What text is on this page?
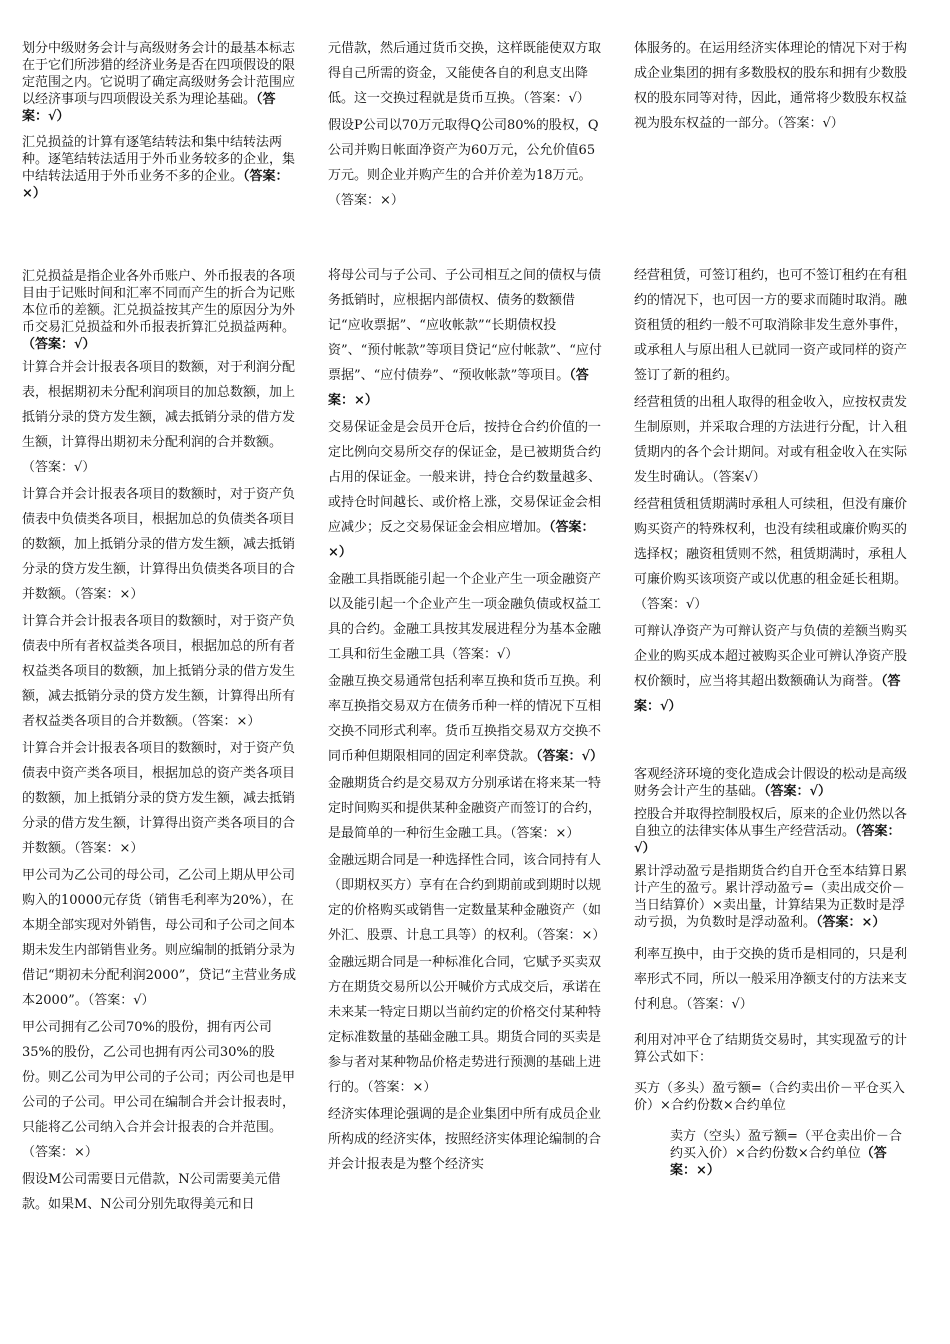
划分中级财务会计与高级财务会计的最基本标志在于它们所涉猎的经济业务是否在四项假设的限定范围之内。它说明了确定高级财务会计范围应以经济事项与四项假设关系为理论基础。（答案：√）

汇兑损益的计算有逐笔结转法和集中结转法两种。逐笔结转法适用于外币业务较多的企业，集中结转法适用于外币业务不多的企业。（答案：×）

元借款，然后通过货币交换，这样既能使双方取得自己所需的资金，又能使各自的利息支出降低。这一交换过程就是货币互换。（答案：√）

假设P公司以70万元取得Q公司80%的股权，Q公司并购日帐面净资产为60万元，公允价值65万元。则企业并购产生的合并价差为18万元。（答案：×）

体服务的。在运用经济实体理论的情况下对于构成企业集团的拥有多数股权的股东和拥有少数股权的股东同等对待，因此，通常将少数股东权益视为股东权益的一部分。（答案：√）

汇兑损益是指企业各外币账户、外币报表的各项目由于记账时间和汇率不同而产生的折合为记账本位币的差额。汇兑损益按其产生的原因分为外币交易汇兑损益和外币报表折算汇兑损益两种。（答案：√）

计算合并会计报表各项目的数额，对于利润分配表，根据期初未分配利润项目的加总数额，加上抵销分录的贷方发生额，减去抵销分录的借方发生额，计算得出期初未分配利润的合并数额。（答案：√）

计算合并会计报表各项目的数额时，对于资产负债表中负债类各项目，根据加总的负债类各项目的数额，加上抵销分录的借方发生额，减去抵销分录的贷方发生额，计算得出负债类各项目的合并数额。（答案：×）

计算合并会计报表各项目的数额时，对于资产负债表中所有者权益类各项目，根据加总的所有者权益类各项目的数额，加上抵销分录的借方发生额，减去抵销分录的贷方发生额，计算得出所有者权益类各项目的合并数额。（答案：×）

计算合并会计报表各项目的数额时，对于资产负债表中资产类各项目，根据加总的资产类各项目的数额，加上抵销分录的贷方发生额，减去抵销分录的借方发生额，计算得出资产类各项目的合并数额。（答案：×）

甲公司为乙公司的母公司，乙公司上期从甲公司购入的10000元存货（销售毛利率为20%），在本期全部实现对外销售，母公司和子公司之间本期未发生内部销售业务。则应编制的抵销分录为借记“期初未分配利润2000”，贷记“主营业务成本2000”。（答案：√）

甲公司拥有乙公司70%的股份，拥有丙公司35%的股份，乙公司也拥有丙公司30%的股份。则乙公司为甲公司的子公司；丙公司也是甲公司的子公司。甲公司在编制合并会计报表时，只能将乙公司纳入合并会计报表的合并范围。（答案：×）

假设M公司需要日元借款，N公司需要美元借款。如果M、N公司分别先取得美元和日

将母公司与子公司、子公司相互之间的债权与债务抵销时，应根据内部债权、债务的数额借记“应收票据”、“应收帐款”“长期债权投资”、“预付帐款”等项目贷记“应付帐款”、“应付票据”、“应付债券”、“预收帐款”等项目。（答案：×）

交易保证金是会员开仓后，按持仓合约价值的一定比例向交易所交存的保证金，是已被期货合约占用的保证金。一般来讲，持仓合约数量越多、或持仓时间越长、或价格上涨，交易保证金会相应减少；反之交易保证金会相应增加。（答案：×）

金融工具指既能引起一个企业产生一项金融资产以及能引起一个企业产生一项金融负债或权益工具的合约。金融工具按其发展进程分为基本金融工具和衍生金融工具（答案：√）

金融互换交易通常包括利率互换和货币互换。利率互换指交易双方在债务币种一样的情况下互相交换不同形式利率。货币互换指交易双方交换不同币种但期限相同的固定利率贷款。（答案：√）

金融期货合约是交易双方分别承诺在将来某一特定时间购买和提供某种金融资产而签订的合约，是最简单的一种衍生金融工具。（答案：×）

金融远期合同是一种选择性合同，该合同持有人（即期权买方）享有在合约到期前或到期时以规定的价格购买或销售一定数量某种金融资产（如外汇、股票、计息工具等）的权利。（答案：×）

金融远期合同是一种标准化合同，它赋予买卖双方在期货交易所以公开喊价方式成交后，承诺在未来某一特定日期以当前约定的价格交付某种特定标准数量的基础金融工具。期货合同的买卖是参与者对某种物品价格走势进行预测的基础上进行的。（答案：×）

经济实体理论强调的是企业集团中所有成员企业所构成的经济实体，按照经济实体理论编制的合并会计报表是为整个经济实

经营租赁，可签订租约，也可不签订租约在有租约的情况下，也可因一方的要求而随时取消。融资租赁的租约一般不可取消除非发生意外事件，或承租人与原出租人已就同一资产或同样的资产签订了新的租约。

经营租赁的出租人取得的租金收入，应按权责发生制原则，并采取合理的方法进行分配，计入租赁期内的各个会计期间。对或有租金收入在实际发生时确认。（答案√）

经营租赁租赁期满时承租人可续租，但没有廉价购买资产的特殊权利，也没有续租或廉价购买的选择权；融资租赁则不然，租赁期满时，承租人可廉价购买该项资产或以优惠的租金延长租期。（答案：√）

可辩认净资产为可辩认资产与负债的差额当购买企业的购买成本超过被购买企业可辨认净资产股权价额时，应当将其超出数额确认为商誉。（答案：√）

客观经济环境的变化造成会计假设的松动是高级财务会计产生的基础。（答案：√）

控股合并取得控制股权后，原来的企业仍然以各自独立的法律实体从事生产经营活动。（答案：√）

累计浮动盈亏是指期货合约自开仓至本结算日累计产生的盈亏。累计浮动盈亏=（卖出成交价－当日结算价）×卖出量，计算结果为正数时是浮动亏损，为负数时是浮动盈利。（答案：×）

利率互换中，由于交换的货币是相同的，只是利率形式不同，所以一般采用净额支付的方法来支付利息。（答案：√）

利用对冲平仓了结期货交易时，其实现盈亏的计算公式如下：

买方（多头）盈亏额=（合约卖出价－平仓买入价）×合约份数×合约单位

卖方（空头）盈亏额=（平仓卖出价－合约买入价）×合约份数×合约单位（答案：×）
